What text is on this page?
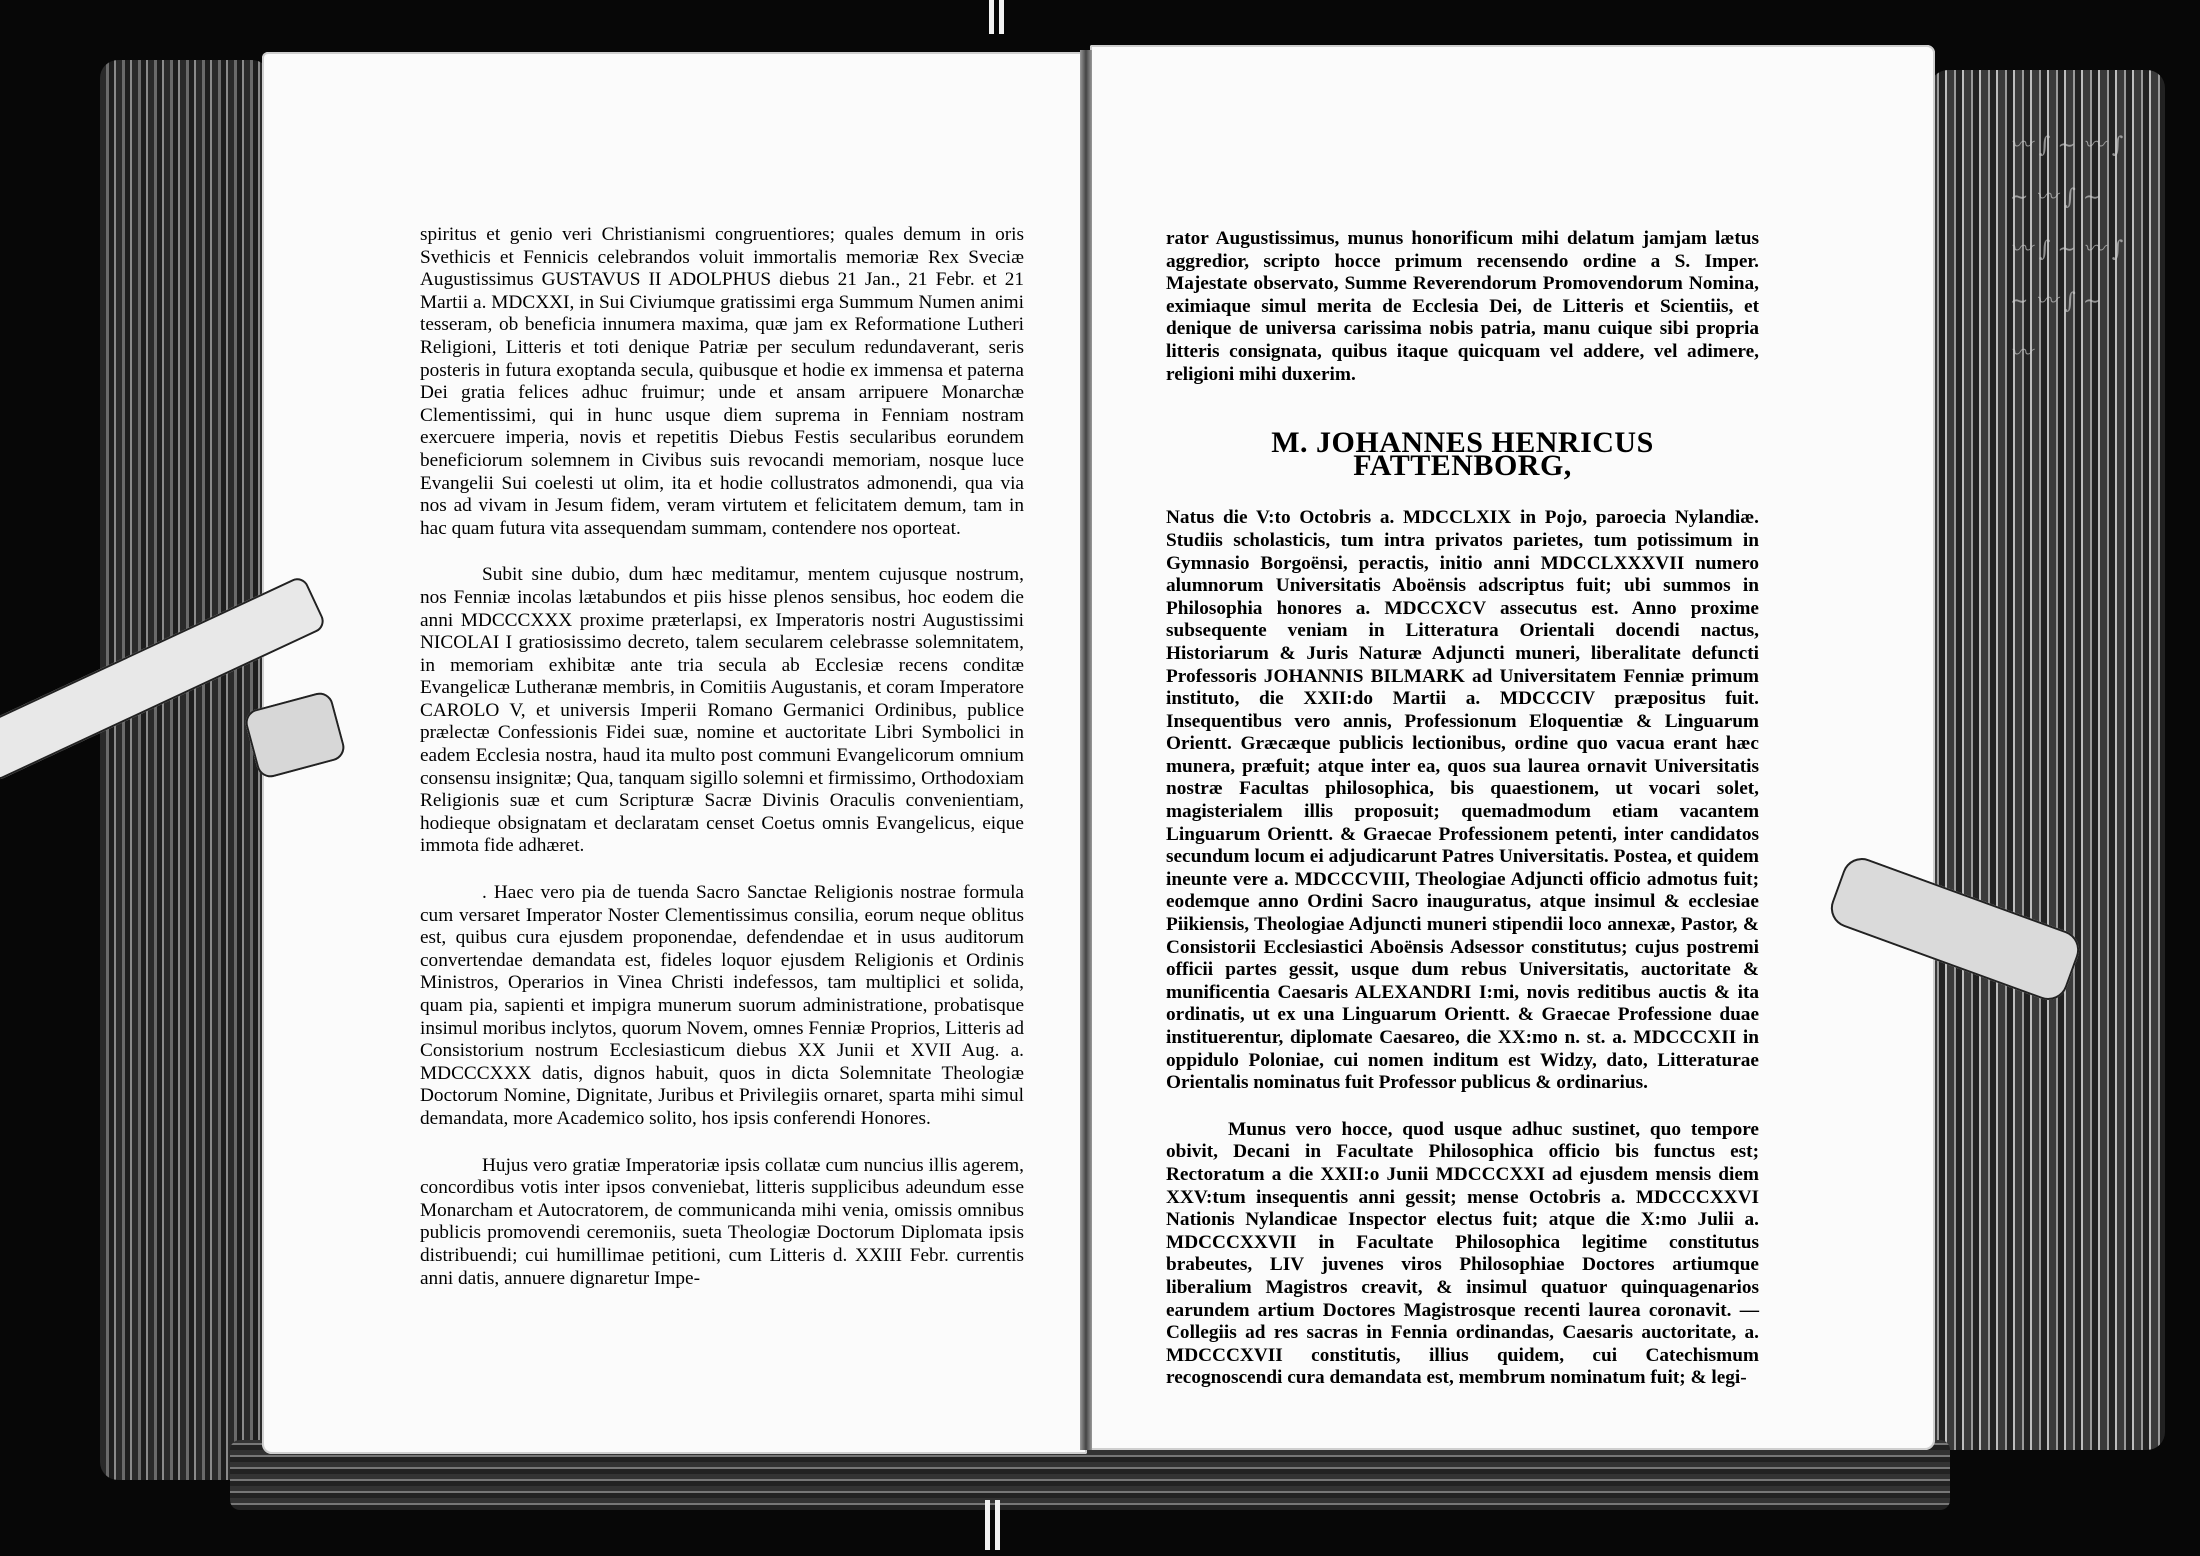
〰 ∫ ∼ 〰 ∫ ∼ 〰 ∫ ∼ 〰 ∫ ∼ 〰 ∫ ∼ 〰 ∫ ∼ 〰

spiritus et genio veri Christianismi congruentiores; quales demum in oris Svethicis et Fennicis celebrandos voluit immortalis memoriæ Rex Sveciæ Augustissimus GUSTAVUS II ADOLPHUS diebus 21 Jan., 21 Febr. et 21 Martii a. MDCXXI, in Sui Civiumque gratissimi erga Summum Numen animi tesseram, ob beneficia innumera maxima, quæ jam ex Reformatione Lutheri Religioni, Litteris et toti denique Patriæ per seculum redundaverant, seris posteris in futura exoptanda secula, quibusque et hodie ex immensa et paterna Dei gratia felices adhuc fruimur; unde et ansam arripuere Monarchæ Clementissimi, qui in hunc usque diem suprema in Fenniam nostram exercuere imperia, novis et repetitis Diebus Festis secularibus eorundem beneficiorum solemnem in Civibus suis revocandi memoriam, nosque luce Evangelii Sui coelesti ut olim, ita et hodie collustratos admonendi, qua via nos ad vivam in Jesum fidem, veram virtutem et felicitatem demum, tam in hac quam futura vita assequendam summam, contendere nos oporteat.

Subit sine dubio, dum hæc meditamur, mentem cujusque nostrum, nos Fenniæ incolas lætabundos et piis hisse plenos sensibus, hoc eodem die anni MDCCCXXX proxime præterlapsi, ex Imperatoris nostri Augustissimi NICOLAI I gratiosissimo decreto, talem secularem celebrasse solemnitatem, in memoriam exhibitæ ante tria secula ab Ecclesiæ recens conditæ Evangelicæ Lutheranæ membris, in Comitiis Augustanis, et coram Imperatore CAROLO V, et universis Imperii Romano Germanici Ordinibus, publice prælectæ Confessionis Fidei suæ, nomine et auctoritate Libri Symbolici in eadem Ecclesia nostra, haud ita multo post communi Evangelicorum omnium consensu insignitæ; Qua, tanquam sigillo solemni et firmissimo, Orthodoxiam Religionis suæ et cum Scripturæ Sacræ Divinis Oraculis convenientiam, hodieque obsignatam et declaratam censet Coetus omnis Evangelicus, eique immota fide adhæret.

. Haec vero pia de tuenda Sacro Sanctae Religionis nostrae formula cum versaret Imperator Noster Clementissimus consilia, eorum neque oblitus est, quibus cura ejusdem proponendae, defendendae et in usus auditorum convertendae demandata est, fideles loquor ejusdem Religionis et Ordinis Ministros, Operarios in Vinea Christi indefessos, tam multiplici et solida, quam pia, sapienti et impigra munerum suorum administratione, probatisque insimul moribus inclytos, quorum Novem, omnes Fenniæ Proprios, Litteris ad Consistorium nostrum Ecclesiasticum diebus XX Junii et XVII Aug. a. MDCCCXXX datis, dignos habuit, quos in dicta Solemnitate Theologiæ Doctorum Nomine, Dignitate, Juribus et Privilegiis ornaret, sparta mihi simul demandata, more Academico solito, hos ipsis conferendi Honores.

Hujus vero gratiæ Imperatoriæ ipsis collatæ cum nuncius illis agerem, concordibus votis inter ipsos conveniebat, litteris supplicibus adeundum esse Monarcham et Autocratorem, de communicanda mihi venia, omissis omnibus publicis promovendi ceremoniis, sueta Theologiæ Doctorum Diplomata ipsis distribuendi; cui humillimae petitioni, cum Litteris d. XXIII Febr. currentis anni datis, annuere dignaretur Impe-

rator Augustissimus, munus honorificum mihi delatum jamjam lætus aggredior, scripto hocce primum recensendo ordine a S. Imper. Majestate observato, Summe Reverendorum Promovendorum Nomina, eximiaque simul merita de Ecclesia Dei, de Litteris et Scientiis, et denique de universa carissima nobis patria, manu cuique sibi propria litteris consignata, quibus itaque quicquam vel addere, vel adimere, religioni mihi duxerim.

M. JOHANNES HENRICUS FATTENBORG,

Natus die V:to Octobris a. MDCCLXIX in Pojo, paroecia Nylandiæ. Studiis scholasticis, tum intra privatos parietes, tum potissimum in Gymnasio Borgoënsi, peractis, initio anni MDCCLXXXVII numero alumnorum Universitatis Aboënsis adscriptus fuit; ubi summos in Philosophia honores a. MDCCXCV assecutus est. Anno proxime subsequente veniam in Litteratura Orientali docendi nactus, Historiarum & Juris Naturæ Adjuncti muneri, liberalitate defuncti Professoris JOHANNIS BILMARK ad Universitatem Fenniæ primum instituto, die XXII:do Martii a. MDCCCIV præpositus fuit. Insequentibus vero annis, Professionum Eloquentiæ & Linguarum Orientt. Græcæque publicis lectionibus, ordine quo vacua erant hæc munera, præfuit; atque inter ea, quos sua laurea ornavit Universitatis nostræ Facultas philosophica, bis quaestionem, ut vocari solet, magisterialem illis proposuit; quemadmodum etiam vacantem Linguarum Orientt. & Graecae Professionem petenti, inter candidatos secundum locum ei adjudicarunt Patres Universitatis. Postea, et quidem ineunte vere a. MDCCCVIII, Theologiae Adjuncti officio admotus fuit; eodemque anno Ordini Sacro inauguratus, atque insimul & ecclesiae Piikiensis, Theologiae Adjuncti muneri stipendii loco annexæ, Pastor, & Consistorii Ecclesiastici Aboënsis Adsessor constitutus; cujus postremi officii partes gessit, usque dum rebus Universitatis, auctoritate & munificentia Caesaris ALEXANDRI I:mi, novis reditibus auctis & ita ordinatis, ut ex una Linguarum Orientt. & Graecae Professione duae instituerentur, diplomate Caesareo, die XX:mo n. st. a. MDCCCXII in oppidulo Poloniae, cui nomen inditum est Widzy, dato, Litteraturae Orientalis nominatus fuit Professor publicus & ordinarius.

Munus vero hocce, quod usque adhuc sustinet, quo tempore obivit, Decani in Facultate Philosophica officio bis functus est; Rectoratum a die XXII:o Junii MDCCCXXI ad ejusdem mensis diem XXV:tum insequentis anni gessit; mense Octobris a. MDCCCXXVI Nationis Nylandicae Inspector electus fuit; atque die X:mo Julii a. MDCCCXXVII in Facultate Philosophica legitime constitutus brabeutes, LIV juvenes viros Philosophiae Doctores artiumque liberalium Magistros creavit, & insimul quatuor quinquagenarios earundem artium Doctores Magistrosque recenti laurea coronavit. — Collegiis ad res sacras in Fennia ordinandas, Caesaris auctoritate, a. MDCCCXVII constitutis, illius quidem, cui Catechismum recognoscendi cura demandata est, membrum nominatum fuit; & legi-
